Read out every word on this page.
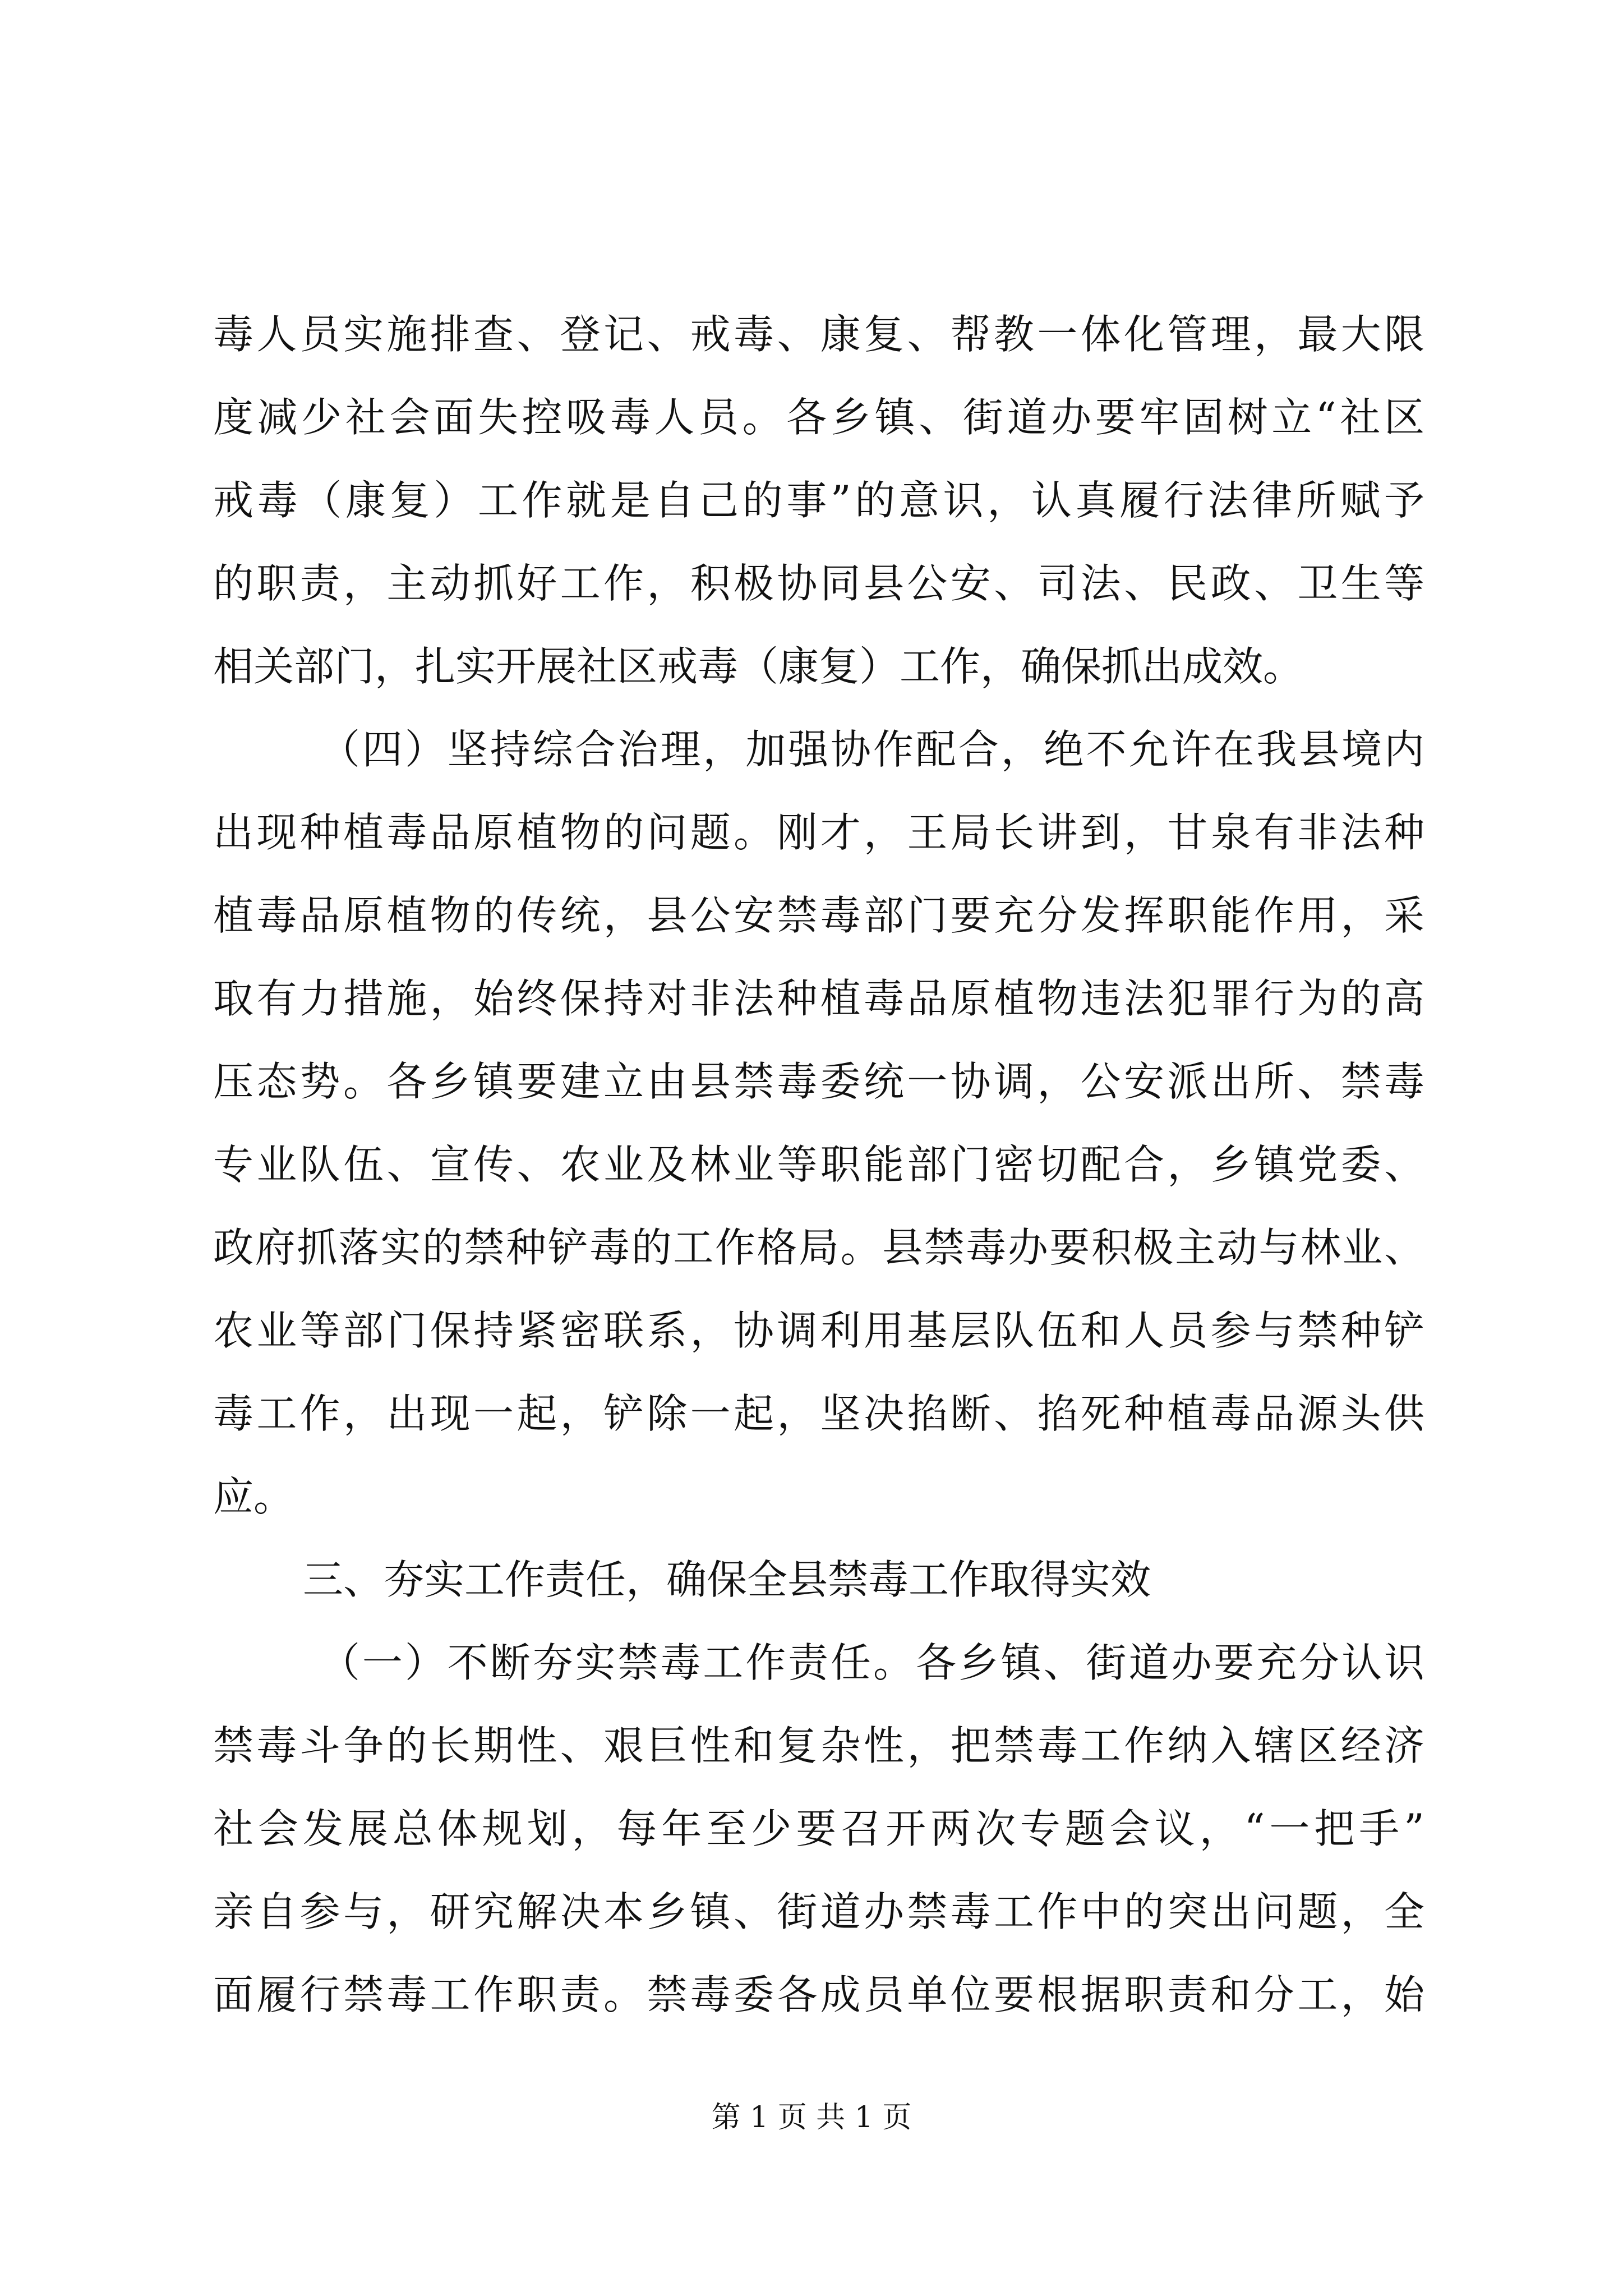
毒人员实施排查、登记、戒毒、康复、帮教一体化管理，最大限
度减少社会面失控吸毒人员。各乡镇、街道办要牢固树立“社区
戒毒（康复）工作就是自己的事”的意识，认真履行法律所赋予
的职责，主动抓好工作，积极协同县公安、司法、民政、卫生等
相关部门，扎实开展社区戒毒（康复）工作，确保抓出成效。
（四）坚持综合治理，加强协作配合，绝不允许在我县境内
出现种植毒品原植物的问题。刚才，王局长讲到，甘泉有非法种
植毒品原植物的传统，县公安禁毒部门要充分发挥职能作用，采
取有力措施，始终保持对非法种植毒品原植物违法犯罪行为的高
压态势。各乡镇要建立由县禁毒委统一协调，公安派出所、禁毒
专业队伍、宣传、农业及林业等职能部门密切配合，乡镇党委、
政府抓落实的禁种铲毒的工作格局。县禁毒办要积极主动与林业、
农业等部门保持紧密联系，协调利用基层队伍和人员参与禁种铲
毒工作，出现一起，铲除一起，坚决掐断、掐死种植毒品源头供
应。
三、夯实工作责任，确保全县禁毒工作取得实效
（一）不断夯实禁毒工作责任。各乡镇、街道办要充分认识
禁毒斗争的长期性、艰巨性和复杂性，把禁毒工作纳入辖区经济
社会发展总体规划，每年至少要召开两次专题会议，“一把手”
亲自参与，研究解决本乡镇、街道办禁毒工作中的突出问题，全
面履行禁毒工作职责。禁毒委各成员单位要根据职责和分工，始
第 1 页 共 1 页
